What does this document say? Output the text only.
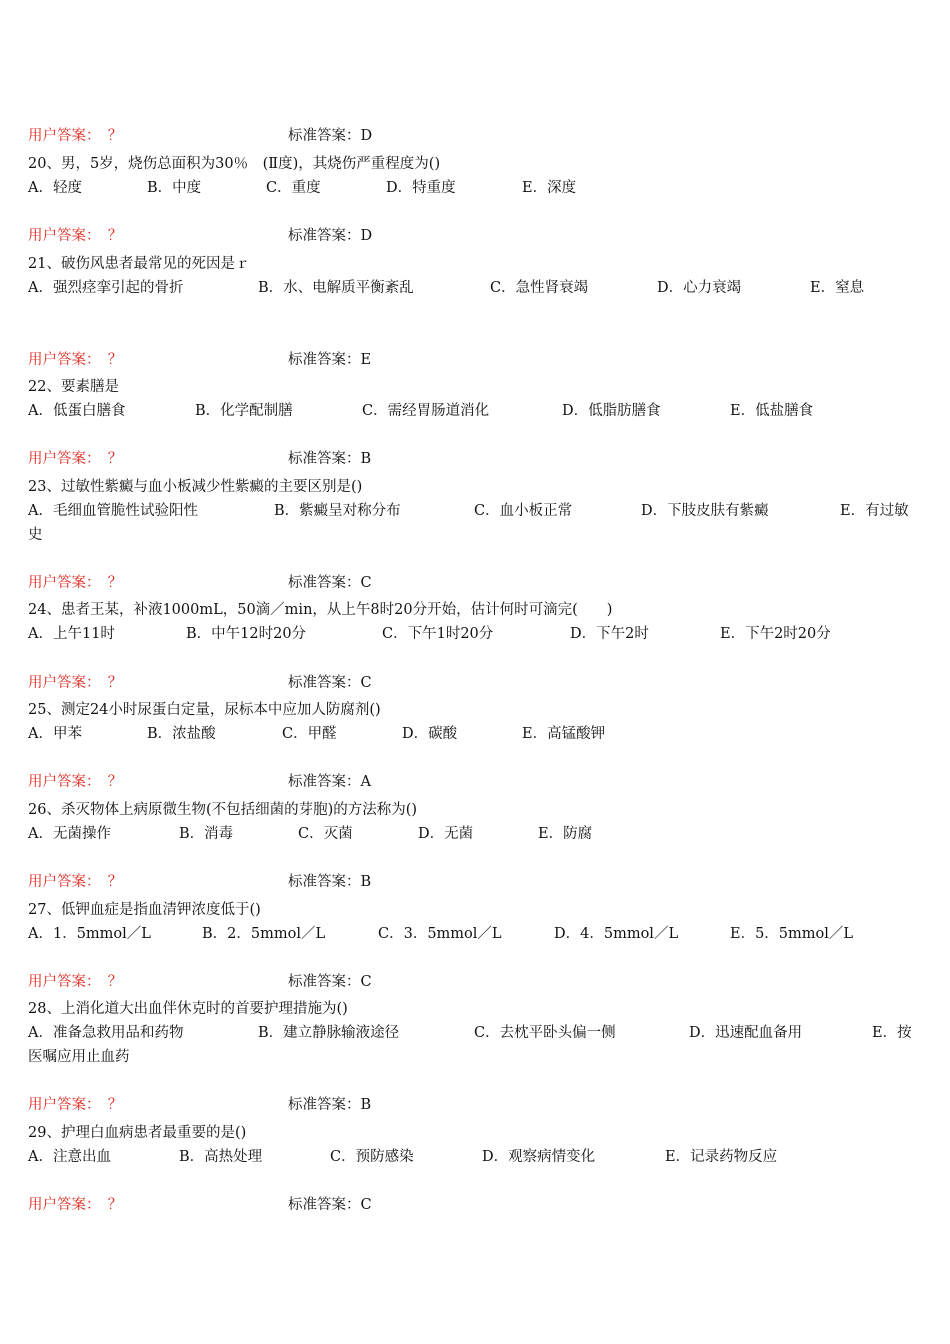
用户答案：　？	标准答案：D
20、男，5岁，烧伤总面积为30％　(Ⅱ度)，其烧伤严重程度为()
A．轻度	B．中度	C．重度	D．特重度	E．深度
用户答案：　？	标准答案：D
21、破伤风患者最常见的死因是ｒ
A．强烈痉挛引起的骨折	B．水、电解质平衡紊乱	C．急性肾衰竭	D．心力衰竭	E．窒息
用户答案：　？	标准答案：E
22、要素膳是
A．低蛋白膳食	B．化学配制膳	C．需经胃肠道消化	D．低脂肪膳食	E．低盐膳食
用户答案：　？	标准答案：B
23、过敏性紫癜与血小板减少性紫癜的主要区别是()
A．毛细血管脆性试验阳性	B．紫癜呈对称分布	C．血小板正常	D．下肢皮肤有紫癜	E．有过敏
史
用户答案：　？	标准答案：C
24、患者王某，补液1000mL，50滴／min，从上午8时20分开始，估计何时可滴完(　　)
A．上午11时	B．中午12时20分	C．下午1时20分	D．下午2时	E．下午2时20分
用户答案：　？	标准答案：C
25、测定24小时尿蛋白定量，尿标本中应加人防腐剂()
A．甲苯	B．浓盐酸	C．甲醛	D．碳酸	E．高锰酸钾
用户答案：　？	标准答案：A
26、杀灭物体上病原微生物(不包括细菌的芽胞)的方法称为()
A．无菌操作	B．消毒	C．灭菌	D．无菌	E．防腐
用户答案：　？	标准答案：B
27、低钾血症是指血清钾浓度低于()
A．1．5mmol／L	B．2．5mmol／L	C．3．5mmol／L	D．4．5mmol／L	E．5．5mmol／L
用户答案：　？	标准答案：C
28、上消化道大出血伴休克时的首要护理措施为()
A．准备急救用品和药物	B．建立静脉输液途径	C．去枕平卧头偏一侧	D．迅速配血备用	E．按
医嘱应用止血药
用户答案：　？	标准答案：B
29、护理白血病患者最重要的是()
A．注意出血	B．高热处理	C．预防感染	D．观察病情变化	E．记录药物反应
用户答案：　？	标准答案：C
